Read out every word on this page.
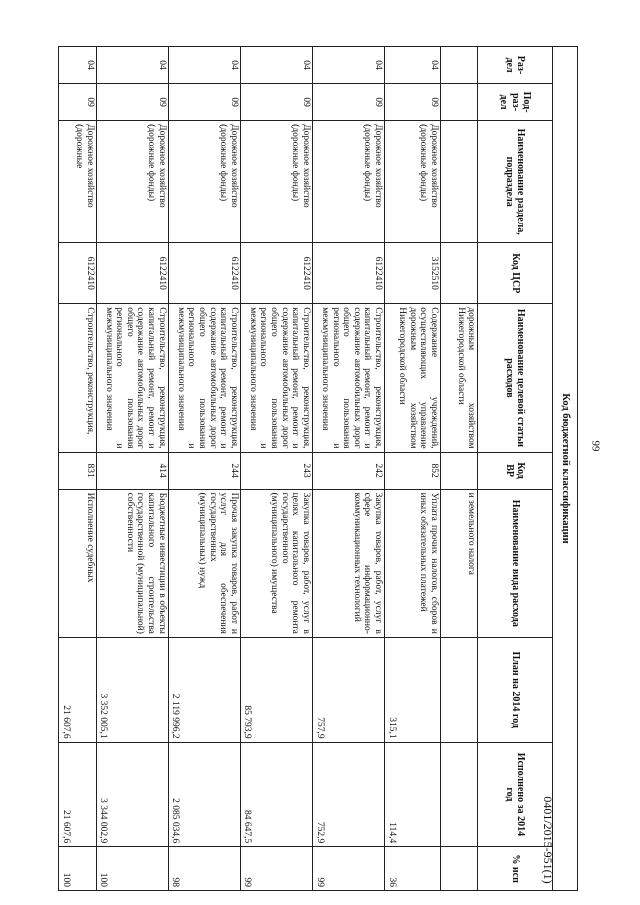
99
0401/2015-951(1)
Код бюджетной классификации									
Раз-дел	Под-раз-дел	Наименование раздела, подраздела	Код ЦСР	Наименование целевой статьи расходов	Код ВР	Наименование вида расхода	План на 2014 год	Исполнено за 2014 год	% исп
				дорожным хозяйством Нижегородской области		и земельного налога			
04	09	Дорожное хозяйство (дорожные фонды)	3152510	Содержание учреждений, осуществляющих управление дорожным хозяйством Нижегородской области	852	Уплата прочих налогов, сборов и иных обязательных платежей	315,1	114,4	36
04	09	Дорожное хозяйство (дорожные фонды)	6122410	Строительство, реконструкция, капитальный ремонт, ремонт и содержание автомобильных дорог общего пользования регионального и межмуниципального значения	242	Закупка товаров, работ, услуг в сфере информационно-коммуникационных технологий	757,9	752,9	99
04	09	Дорожное хозяйство (дорожные фонды)	6122410	Строительство, реконструкция, капитальный ремонт, ремонт и содержание автомобильных дорог общего пользования регионального и межмуниципального значения	243	Закупка товаров, работ, услуг в целях капитального ремонта государственного (муниципального) имущества	85 793,9	84 647,5	99
04	09	Дорожное хозяйство (дорожные фонды)	6122410	Строительство, реконструкция, капитальный ремонт, ремонт и содержание автомобильных дорог общего пользования регионального и межмуниципального значения	244	Прочая закупка товаров, работ и услуг для обеспечения государственных (муниципальных) нужд	2 119 996,2	2 085 034,6	98
04	09	Дорожное хозяйство (дорожные фонды)	6122410	Строительство, реконструкция, капитальный ремонт, ремонт и содержание автомобильных дорог общего пользования регионального и межмуниципального значения	414	Бюджетные инвестиции в объекты капитального строительства государственной (муниципальной) собственности	3 352 005,1	3 344 002,9	100
04	09	Дорожное хозяйство (дорожные	6122410	Строительство, реконструкция,	831	Исполнение судебных	21 607,6	21 607,6	100
